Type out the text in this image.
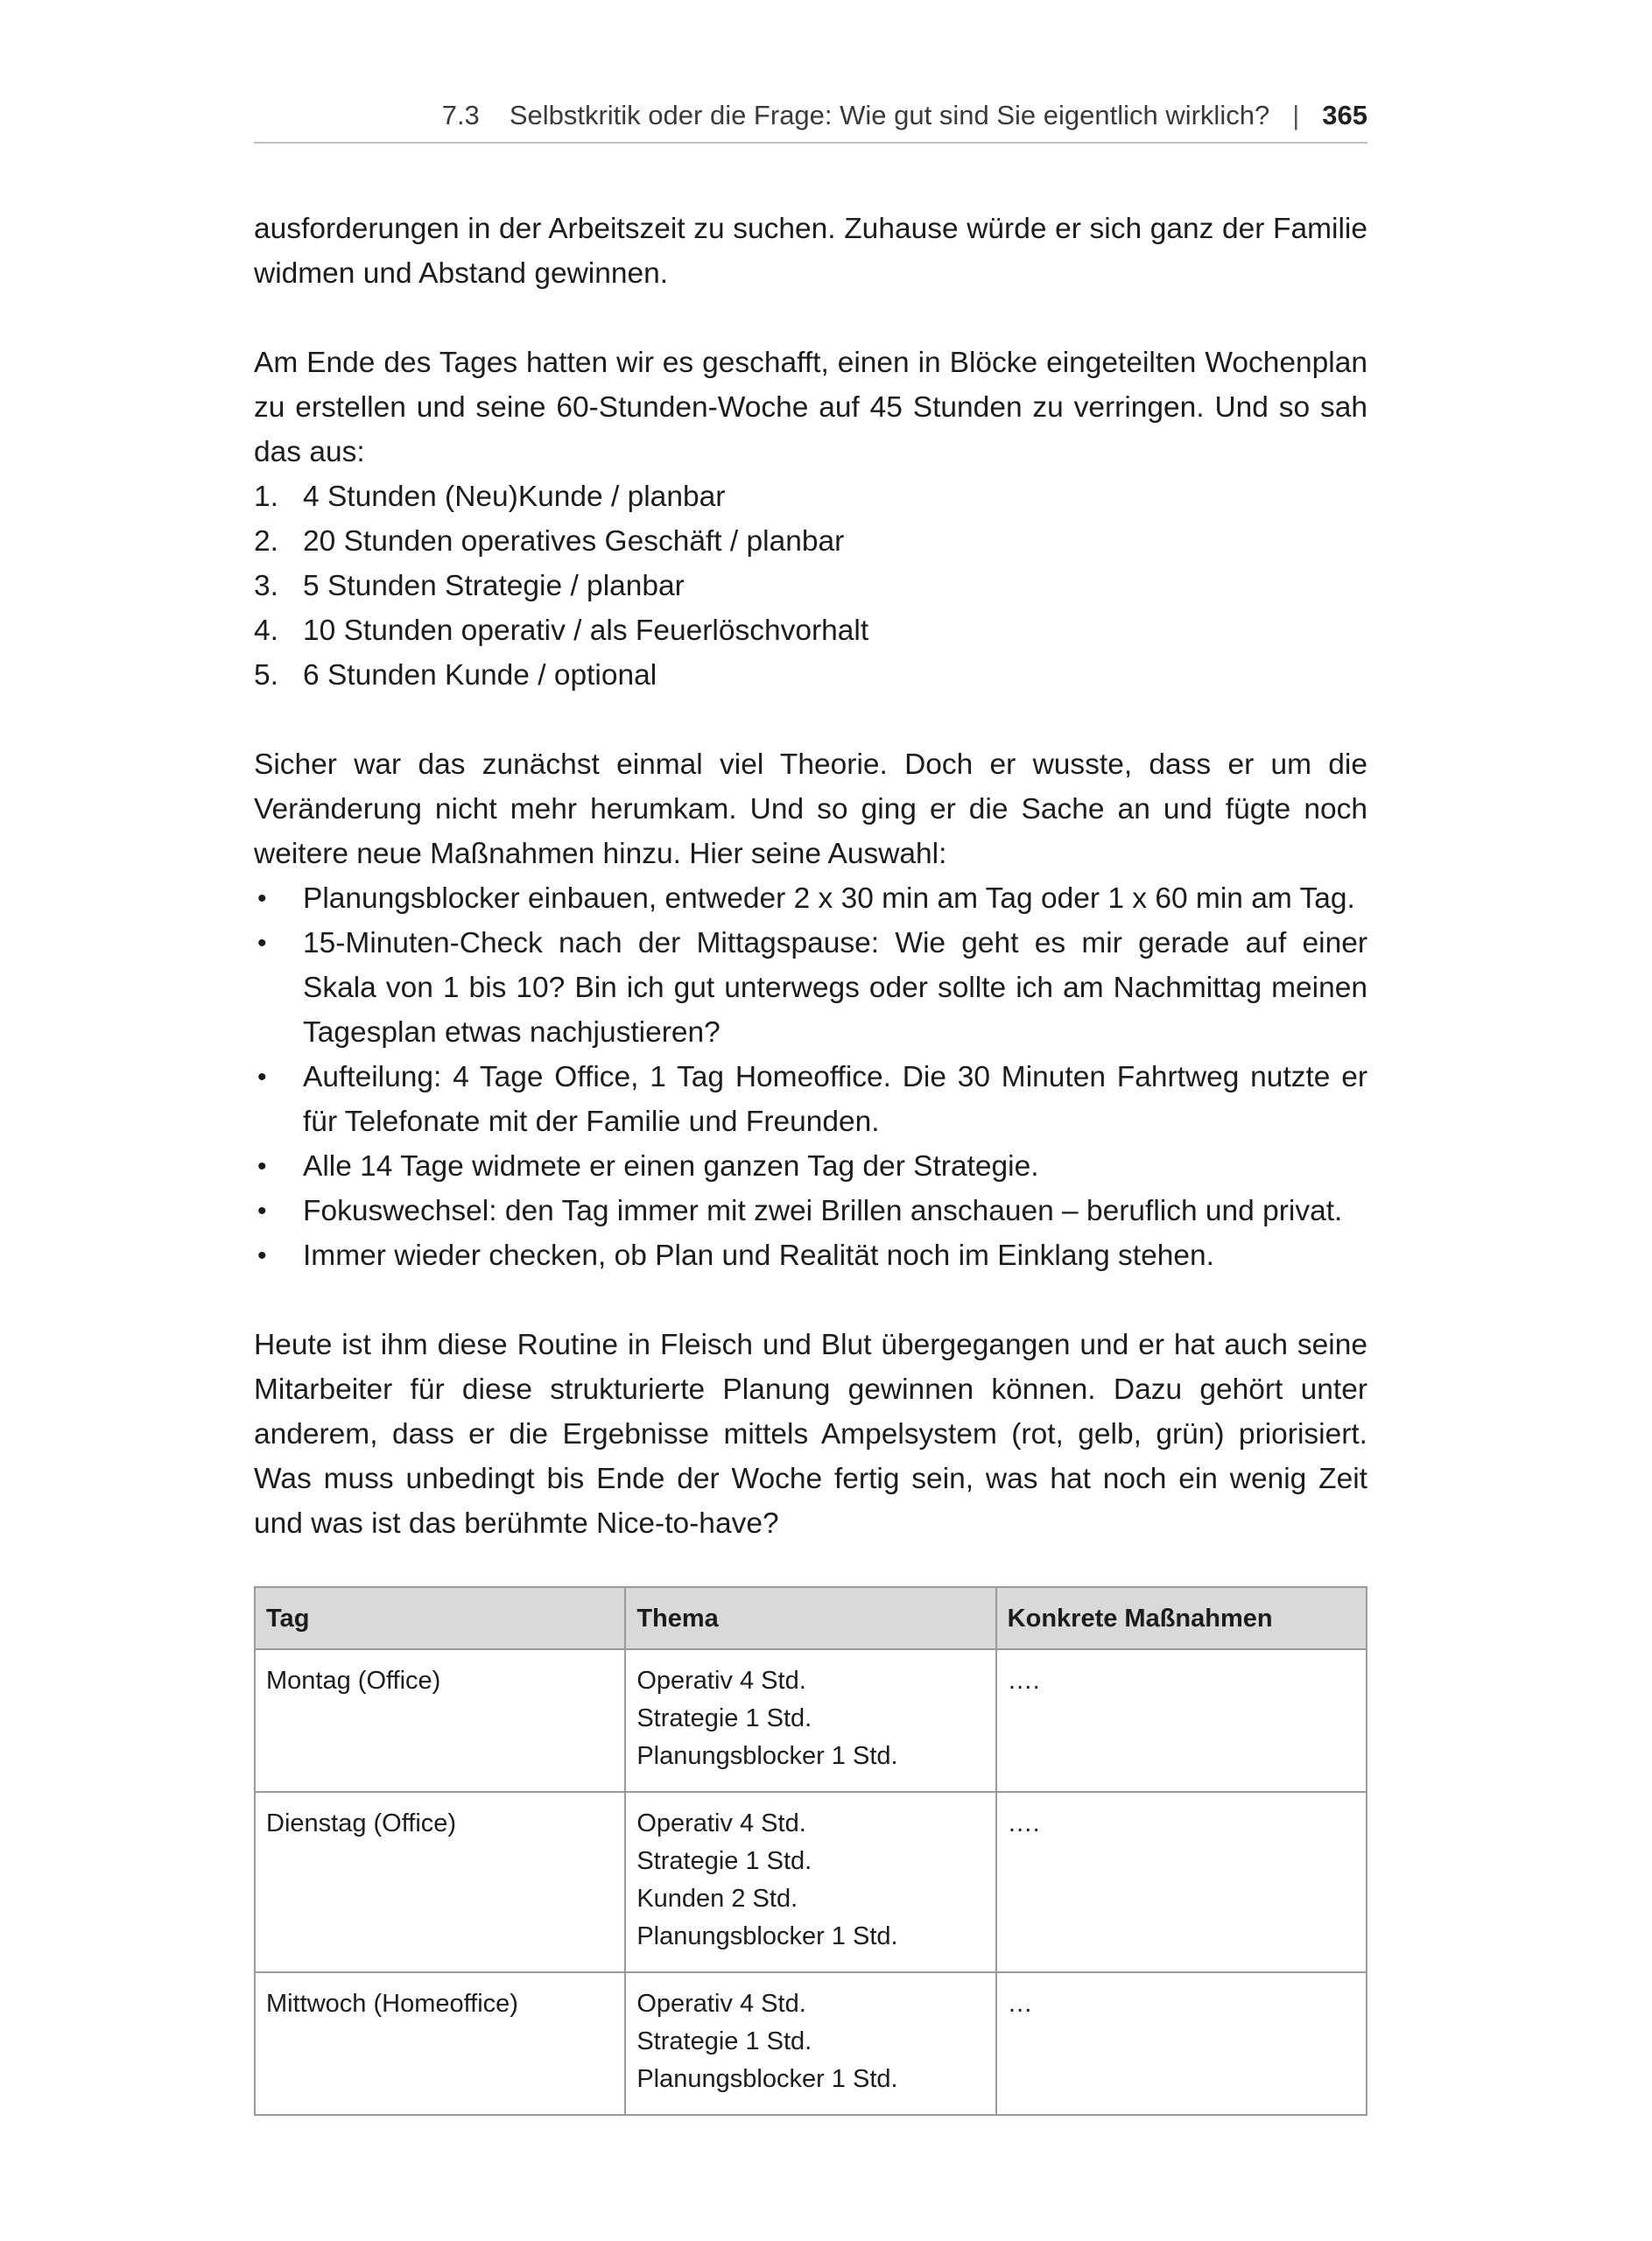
7.3 Selbstkritik oder die Frage: Wie gut sind Sie eigentlich wirklich? | 365

ausforderungen in der Arbeitszeit zu suchen. Zuhause würde er sich ganz der Familie widmen und Abstand gewinnen.

Am Ende des Tages hatten wir es geschafft, einen in Blöcke eingeteilten Wochenplan zu erstellen und seine 60-Stunden-Woche auf 45 Stunden zu verringen. Und so sah das aus:

1. 4 Stunden (Neu)Kunde / planbar
2. 20 Stunden operatives Geschäft / planbar
3. 5 Stunden Strategie / planbar
4. 10 Stunden operativ / als Feuerlöschvorhalt
5. 6 Stunden Kunde / optional

Sicher war das zunächst einmal viel Theorie. Doch er wusste, dass er um die Veränderung nicht mehr herumkam. Und so ging er die Sache an und fügte noch weitere neue Maßnahmen hinzu. Hier seine Auswahl:

•	Planungsblocker einbauen, entweder 2 x 30 min am Tag oder 1 x 60 min am Tag.
•	15-Minuten-Check nach der Mittagspause: Wie geht es mir gerade auf einer Skala von 1 bis 10? Bin ich gut unterwegs oder sollte ich am Nachmittag meinen Tagesplan etwas nachjustieren?
•	Aufteilung: 4 Tage Office, 1 Tag Homeoffice. Die 30 Minuten Fahrtweg nutzte er für Telefonate mit der Familie und Freunden.
•	Alle 14 Tage widmete er einen ganzen Tag der Strategie.
•	Fokuswechsel: den Tag immer mit zwei Brillen anschauen – beruflich und privat.
•	Immer wieder checken, ob Plan und Realität noch im Einklang stehen.

Heute ist ihm diese Routine in Fleisch und Blut übergegangen und er hat auch seine Mitarbeiter für diese strukturierte Planung gewinnen können. Dazu gehört unter anderem, dass er die Ergebnisse mittels Ampelsystem (rot, gelb, grün) priorisiert. Was muss unbedingt bis Ende der Woche fertig sein, was hat noch ein wenig Zeit und was ist das berühmte Nice-to-have?

Tag	Thema	Konkrete Maßnahmen
Montag (Office)	Operativ 4 Std.
Strategie 1 Std.
Planungsblocker 1 Std.	….
Dienstag (Office)	Operativ 4 Std.
Strategie 1 Std.
Kunden 2 Std.
Planungsblocker 1 Std.	….
Mittwoch (Homeoffice)	Operativ 4 Std.
Strategie 1 Std.
Planungsblocker 1 Std.	…
